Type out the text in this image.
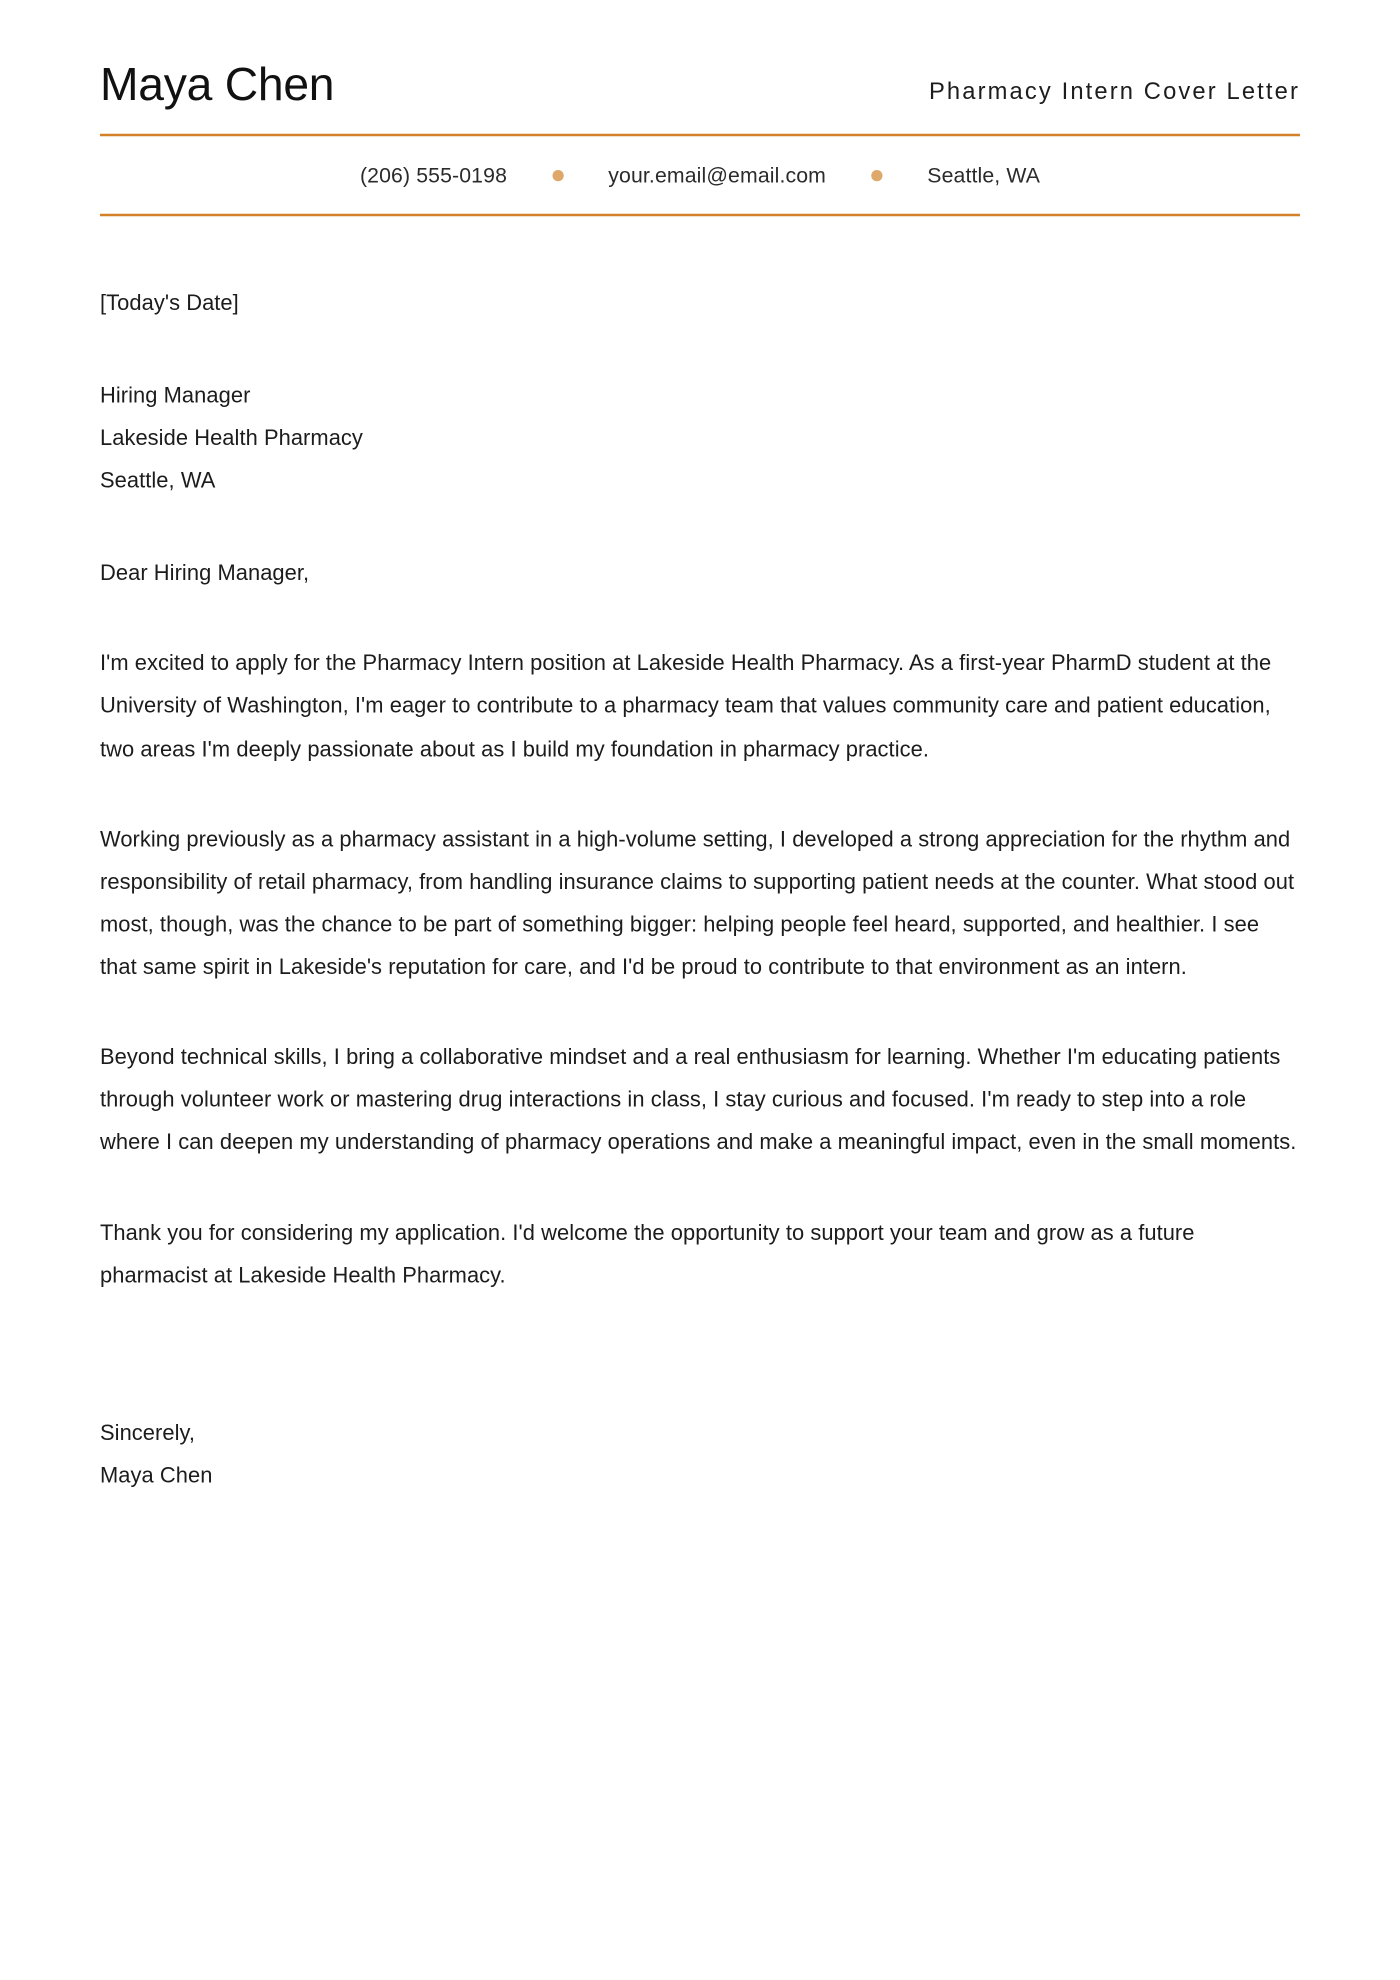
Maya Chen	Pharmacy Intern Cover Letter
(206) 555-0198	your.email@email.com	Seattle, WA
[Today's Date]
Hiring Manager
Lakeside Health Pharmacy
Seattle, WA
Dear Hiring Manager,

I'm excited to apply for the Pharmacy Intern position at Lakeside Health Pharmacy. As a first-year PharmD student at the University of Washington, I'm eager to contribute to a pharmacy team that values community care and patient education, two areas I'm deeply passionate about as I build my foundation in pharmacy practice.

Working previously as a pharmacy assistant in a high-volume setting, I developed a strong appreciation for the rhythm and responsibility of retail pharmacy, from handling insurance claims to supporting patient needs at the counter. What stood out most, though, was the chance to be part of something bigger: helping people feel heard, supported, and healthier. I see that same spirit in Lakeside's reputation for care, and I'd be proud to contribute to that environment as an intern.

Beyond technical skills, I bring a collaborative mindset and a real enthusiasm for learning. Whether I'm educating patients through volunteer work or mastering drug interactions in class, I stay curious and focused. I'm ready to step into a role where I can deepen my understanding of pharmacy operations and make a meaningful impact, even in the small moments.

Thank you for considering my application. I'd welcome the opportunity to support your team and grow as a future pharmacist at Lakeside Health Pharmacy.

Sincerely,
Maya Chen
